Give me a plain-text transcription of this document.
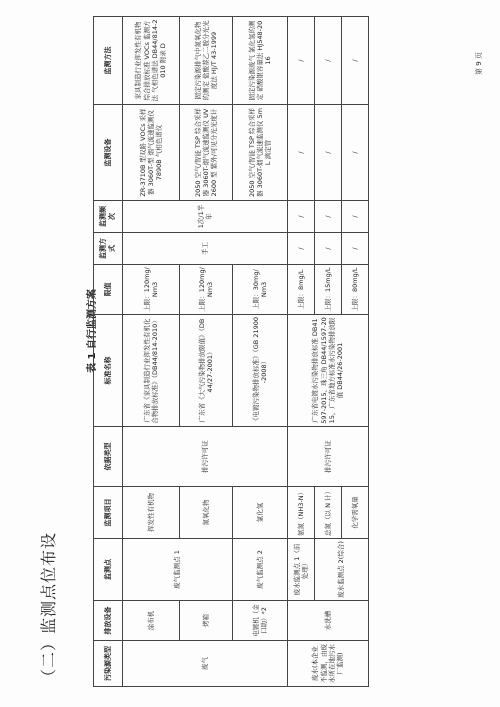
（二）监测点位布设
表 1 自行监测方案
污染源类型	排放设备	监测点	监测项目	依据类型	标准名称	限值	监测方式	监测频次	监测设备	监测方法
废气	涂布机	废气监测点 1	挥发性有机物	排污许可证	广东省《家具制造行业挥发性有机化合物排放标准》（DB44/814-2010）	上限：120mg/Nm3	手工	1次/1半年	ZR-3710B 型双路 VOCs 采样器 3060T-型 烟气流速监测仪 7890B 气相色谱仪	家具制造行业挥发性有机物综合排放标准 VOCs 监测方法 气相色谱法 DB44/814-2010 附录 D
	烤箱		氮氧化物		广东省《大气污染物排放限值》（DB44/27-2001）	上限：120mg/Nm3			2050 空气/智能 TSP 综合采样器 3060T-烟气流速监测仪 UV2600 型 紫外/可见分光光度计	固定污染源排气中氮氧化物的测定 盐酸萘乙二胺分光光度法 HJ/T 43-1999
	电镀机（金口助）*2	废气监测点 2	氯化氢		《电镀污染物排放标准》（GB 21900-2008）	上限：30mg/Nm3			2050 空气/智能 TSP 综合采样器 3060T-烟气流速监测仪 5mL 滴定管	固定污染源废气 氯化氢的测定 硝酸银容量法 HJ548-2016
废水(本企业不监测，由废水所在地污水厂监测)	水洗槽	废水监测点 1（前处理）	氨氮（NH3-N）	排污许可证	广东省电镀水污染物排放标准 DB41597-2015、珠三角 DB44/1597-2015，广东省地方标准水污染物排放限值 DB44/26-2001	上限：8mg/L	/	/	/	/
		废水监测点 2(综合)	总氮（以 N 计）			上限：15mg/L	/	/	/	/
			化学需氧量			上限：80mg/L	/	/	/	/	第 9 页
